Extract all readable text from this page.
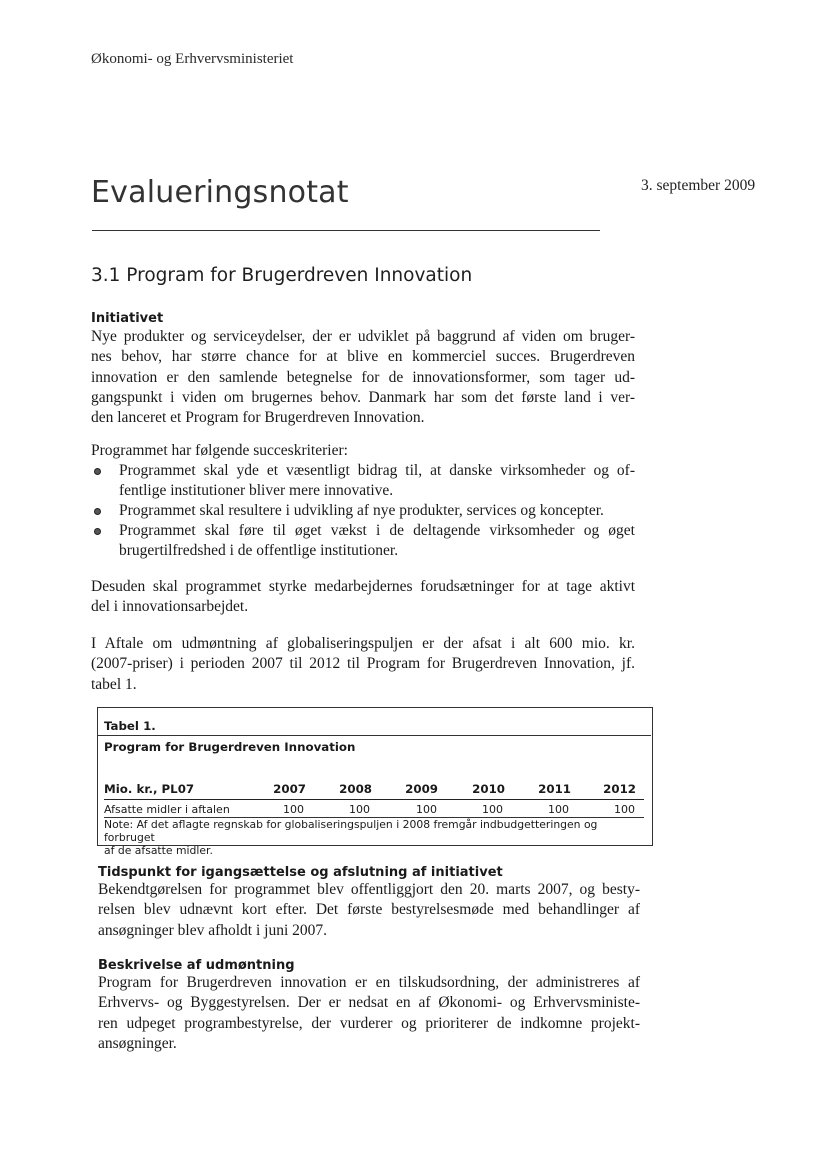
Økonomi- og Erhvervsministeriet
Evalueringsnotat	3. september 2009
3.1 Program for Brugerdreven Innovation
Initiativet
Nye produkter og serviceydelser, der er udviklet på baggrund af viden om bruger-
nes behov, har større chance for at blive en kommerciel succes. Brugerdreven
innovation er den samlende betegnelse for de innovationsformer, som tager ud-
gangspunkt i viden om brugernes behov. Danmark har som det første land i ver-
den lanceret et Program for Brugerdreven Innovation.
Programmet har følgende succeskriterier:
Programmet skal yde et væsentligt bidrag til, at danske virksomheder og of-
fentlige institutioner bliver mere innovative.
Programmet skal resultere i udvikling af nye produkter, services og koncepter.
Programmet skal føre til øget vækst i de deltagende virksomheder og øget
brugertilfredshed i de offentlige institutioner.
Desuden skal programmet styrke medarbejdernes forudsætninger for at tage aktivt
del i innovationsarbejdet.
I Aftale om udmøntning af globaliseringspuljen er der afsat i alt 600 mio. kr.
(2007-priser) i perioden 2007 til 2012 til Program for Brugerdreven Innovation, jf.
tabel 1.
Tabel 1.
Program for Brugerdreven Innovation
Mio. kr., PL07	2007	2008	2009	2010	2011	2012
Afsatte midler i aftalen	100	100	100	100	100	100
Note: Af det aflagte regnskab for globaliseringspuljen i 2008 fremgår indbudgetteringen og forbruget
af de afsatte midler.
Tidspunkt for igangsættelse og afslutning af initiativet
Bekendtgørelsen for programmet blev offentliggjort den 20. marts 2007, og besty-
relsen blev udnævnt kort efter. Det første bestyrelsesmøde med behandlinger af
ansøgninger blev afholdt i juni 2007.
Beskrivelse af udmøntning
Program for Brugerdreven innovation er en tilskudsordning, der administreres af
Erhvervs- og Byggestyrelsen. Der er nedsat en af Økonomi- og Erhvervsministe-
ren udpeget programbestyrelse, der vurderer og prioriterer de indkomne projekt-
ansøgninger.
